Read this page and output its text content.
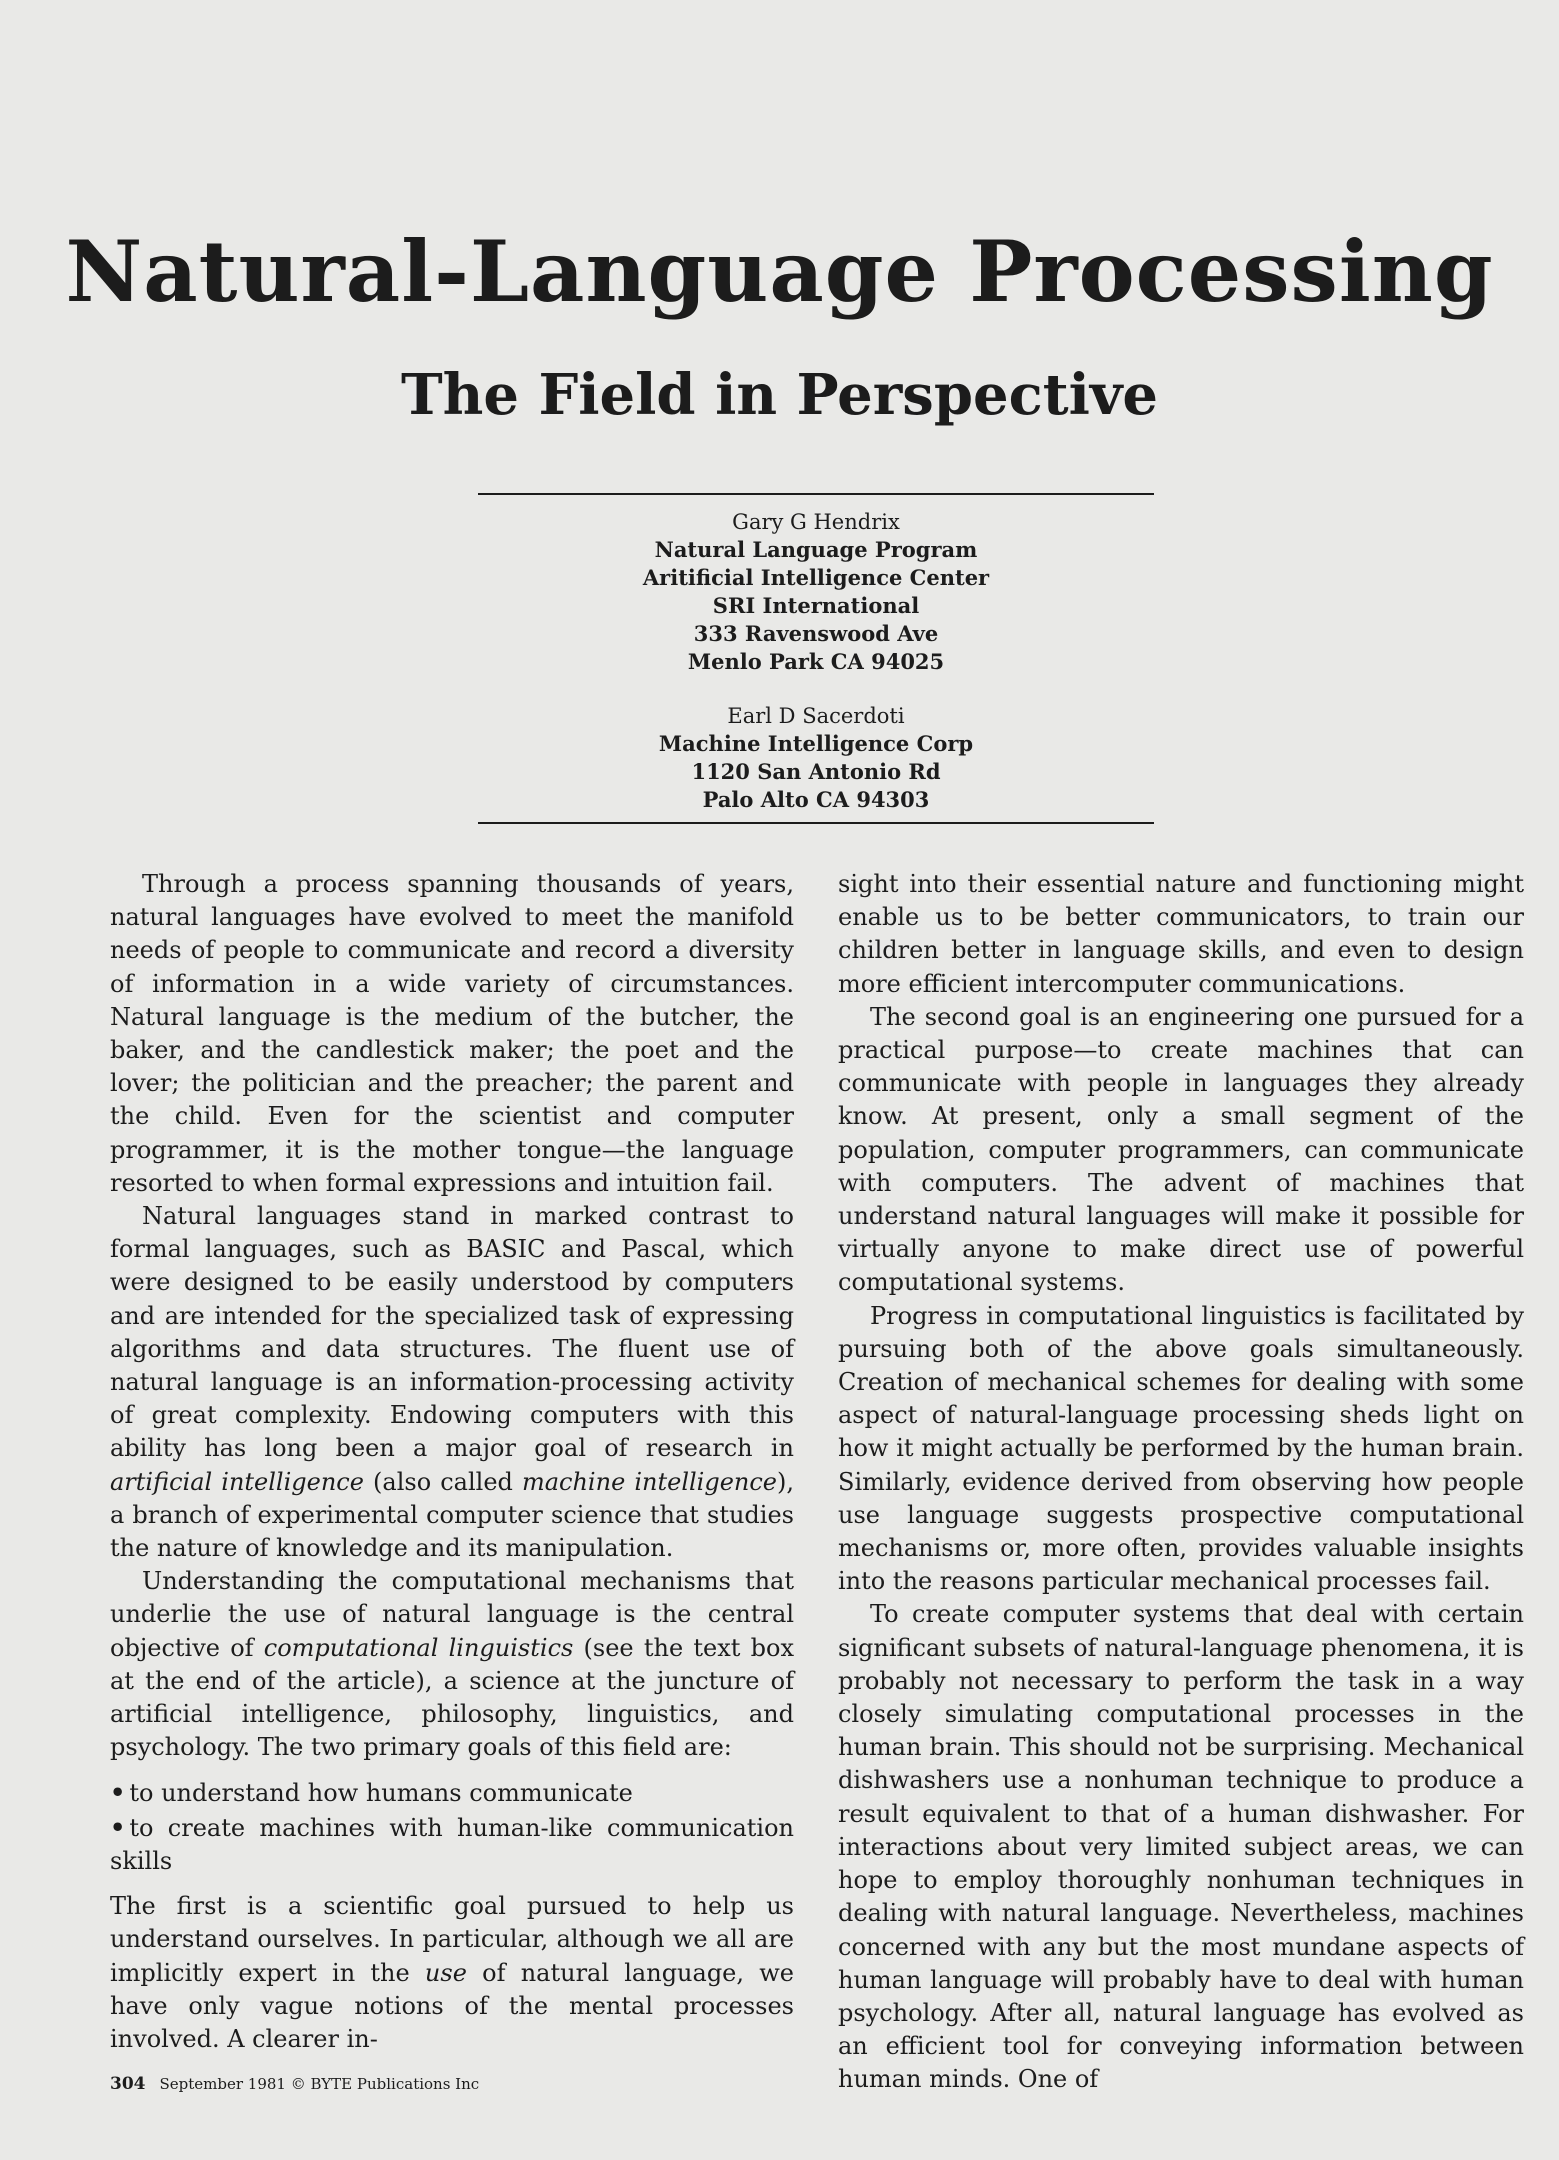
Natural-Language Processing
The Field in Perspective
Gary G Hendrix
Natural Language Program
Aritificial Intelligence Center
SRI International
333 Ravenswood Ave
Menlo Park CA 94025
Earl D Sacerdoti
Machine Intelligence Corp
1120 San Antonio Rd
Palo Alto CA 94303

Through a process spanning thousands of years, natural languages have evolved to meet the manifold needs of people to communicate and record a diversity of information in a wide variety of circumstances. Natural language is the medium of the butcher, the baker, and the candlestick maker; the poet and the lover; the politician and the preacher; the parent and the child. Even for the scientist and computer programmer, it is the mother tongue—the language resorted to when formal expressions and intuition fail.

Natural languages stand in marked contrast to formal languages, such as BASIC and Pascal, which were designed to be easily understood by computers and are intended for the specialized task of expressing algorithms and data structures. The fluent use of natural language is an information-processing activity of great complexity. Endowing computers with this ability has long been a major goal of research in artificial intelligence (also called machine intelligence), a branch of experimental computer science that studies the nature of knowledge and its manipulation.

Understanding the computational mechanisms that underlie the use of natural language is the central objective of computational linguistics (see the text box at the end of the article), a science at the juncture of artificial intelligence, philosophy, linguistics, and psychology. The two primary goals of this field are:

• to understand how humans communicate
• to create machines with human-like communication skills

The first is a scientific goal pursued to help us understand ourselves. In particular, although we all are implicitly expert in the use of natural language, we have only vague notions of the mental processes involved. A clearer in-

sight into their essential nature and functioning might enable us to be better communicators, to train our children better in language skills, and even to design more efficient intercomputer communications.

The second goal is an engineering one pursued for a practical purpose—to create machines that can communicate with people in languages they already know. At present, only a small segment of the population, computer programmers, can communicate with computers. The advent of machines that understand natural languages will make it possible for virtually anyone to make direct use of powerful computational systems.

Progress in computational linguistics is facilitated by pursuing both of the above goals simultaneously. Creation of mechanical schemes for dealing with some aspect of natural-language processing sheds light on how it might actually be performed by the human brain. Similarly, evidence derived from observing how people use language suggests prospective computational mechanisms or, more often, provides valuable insights into the reasons particular mechanical processes fail.

To create computer systems that deal with certain significant subsets of natural-language phenomena, it is probably not necessary to perform the task in a way closely simulating computational processes in the human brain. This should not be surprising. Mechanical dishwashers use a nonhuman technique to produce a result equivalent to that of a human dishwasher. For interactions about very limited subject areas, we can hope to employ thoroughly nonhuman techniques in dealing with natural language. Nevertheless, machines concerned with any but the most mundane aspects of human language will probably have to deal with human psychology. After all, natural language has evolved as an efficient tool for conveying information between human minds. One of

304 September 1981 © BYTE Publications Inc
